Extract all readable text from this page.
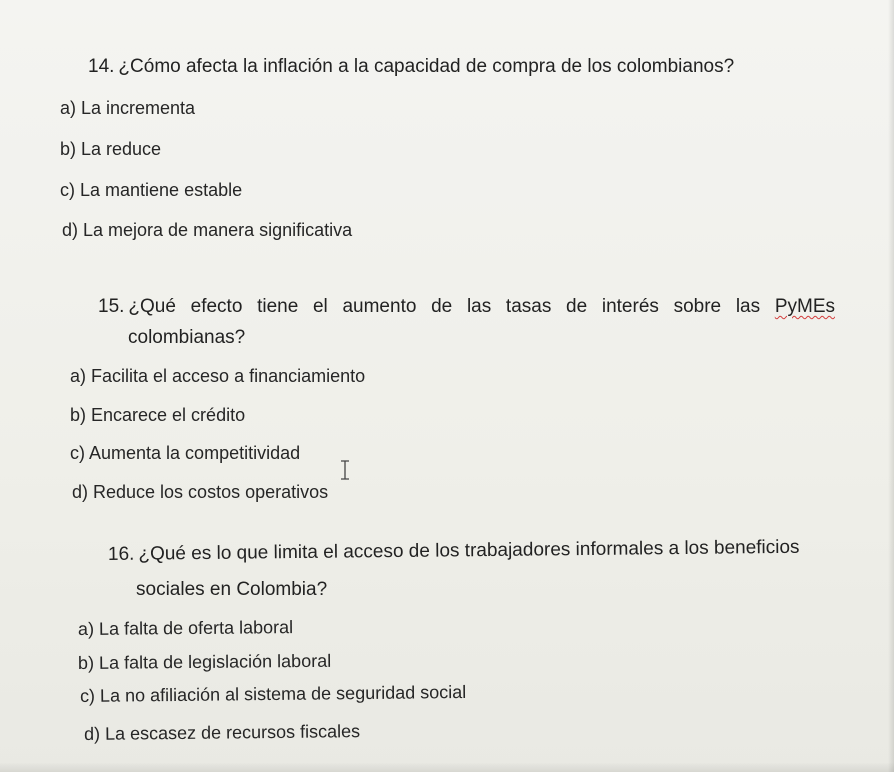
14. ¿Cómo afecta la inflación a la capacidad de compra de los colombianos?
a) La incrementa
b) La reduce
c) La mantiene estable
d) La mejora de manera significativa
15. ¿Qué efecto tiene el aumento de las tasas de interés sobre las PyMEs
colombianas?
a) Facilita el acceso a financiamiento
b) Encarece el crédito
c) Aumenta la competitividad
d) Reduce los costos operativos
16. ¿Qué es lo que limita el acceso de los trabajadores informales a los beneficios
sociales en Colombia?
a) La falta de oferta laboral
b) La falta de legislación laboral
c) La no afiliación al sistema de seguridad social
d) La escasez de recursos fiscales
